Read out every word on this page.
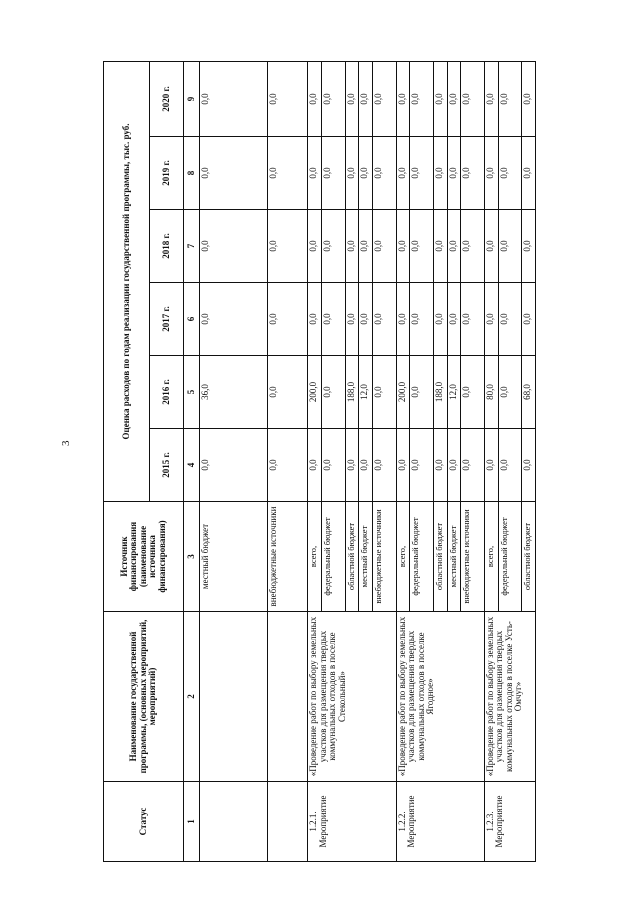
3
Статус	Наименование государственной программы, (основных мероприятий, мероприятий)	Источник финансирования (наименование источника финансирования)	Оценка расходов по годам реализации государственной программы, тыс. руб.					
			2015 г.	2016 г.	2017 г.	2018 г.	2019 г.	2020 г.
1	2	3	4	5	6	7	8	9
		местный бюджет	0,0	36,0	0,0	0,0	0,0	0,0
		внебюджетные источники	0,0	0,0	0,0	0,0	0,0	0,0

1.2.1. Мероприятие	«Проведение работ по выбору земельных участков для размещения твердых коммунальных отходов в поселке Стекольный»	всего,	0,0	200,0	0,0	0,0	0,0	0,0
		федеральный бюджет	0,0	0,0	0,0	0,0	0,0	0,0
		областной бюджет	0,0	188,0	0,0	0,0	0,0	0,0
		местный бюджет	0,0	12,0	0,0	0,0	0,0	0,0
		внебюджетные источники	0,0	0,0	0,0	0,0	0,0	0,0

1.2.2. Мероприятие	«Проведение работ по выбору земельных участков для размещения твердых коммунальных отходов в поселке Ягодное»	всего,	0,0	200,0	0,0	0,0	0,0	0,0
		федеральный бюджет	0,0	0,0	0,0	0,0	0,0	0,0
		областной бюджет	0,0	188,0	0,0	0,0	0,0	0,0
		местный бюджет	0,0	12,0	0,0	0,0	0,0	0,0
		внебюджетные источники	0,0	0,0	0,0	0,0	0,0	0,0

1.2.3. Мероприятие	«Проведение работ по выбору земельных участков для размещения твердых коммунальных отходов в поселке Усть-Омчуг»	всего,	0,0	80,0	0,0	0,0	0,0	0,0
		федеральный бюджет	0,0	0,0	0,0	0,0	0,0	0,0
		областной бюджет	0,0	68,0	0,0	0,0	0,0	0,0
